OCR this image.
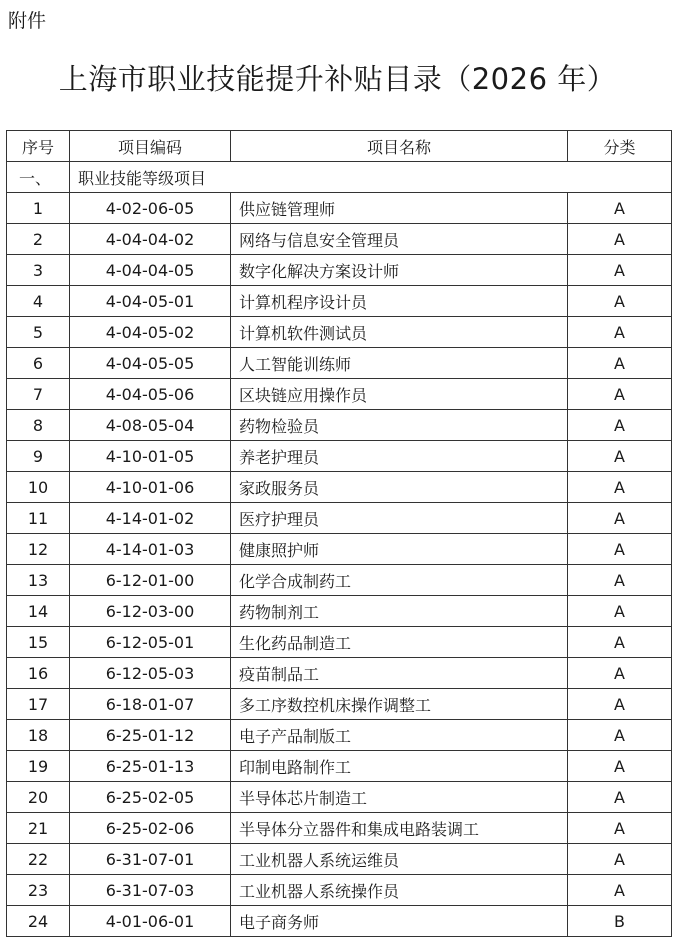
附件
上海市职业技能提升补贴目录（2026 年）
序号	项目编码	项目名称	分类
一、	职业技能等级项目		
1	4-02-06-05	供应链管理师	A
2	4-04-04-02	网络与信息安全管理员	A
3	4-04-04-05	数字化解决方案设计师	A
4	4-04-05-01	计算机程序设计员	A
5	4-04-05-02	计算机软件测试员	A
6	4-04-05-05	人工智能训练师	A
7	4-04-05-06	区块链应用操作员	A
8	4-08-05-04	药物检验员	A
9	4-10-01-05	养老护理员	A
10	4-10-01-06	家政服务员	A
11	4-14-01-02	医疗护理员	A
12	4-14-01-03	健康照护师	A
13	6-12-01-00	化学合成制药工	A
14	6-12-03-00	药物制剂工	A
15	6-12-05-01	生化药品制造工	A
16	6-12-05-03	疫苗制品工	A
17	6-18-01-07	多工序数控机床操作调整工	A
18	6-25-01-12	电子产品制版工	A
19	6-25-01-13	印制电路制作工	A
20	6-25-02-05	半导体芯片制造工	A
21	6-25-02-06	半导体分立器件和集成电路装调工	A
22	6-31-07-01	工业机器人系统运维员	A
23	6-31-07-03	工业机器人系统操作员	A
24	4-01-06-01	电子商务师	B
